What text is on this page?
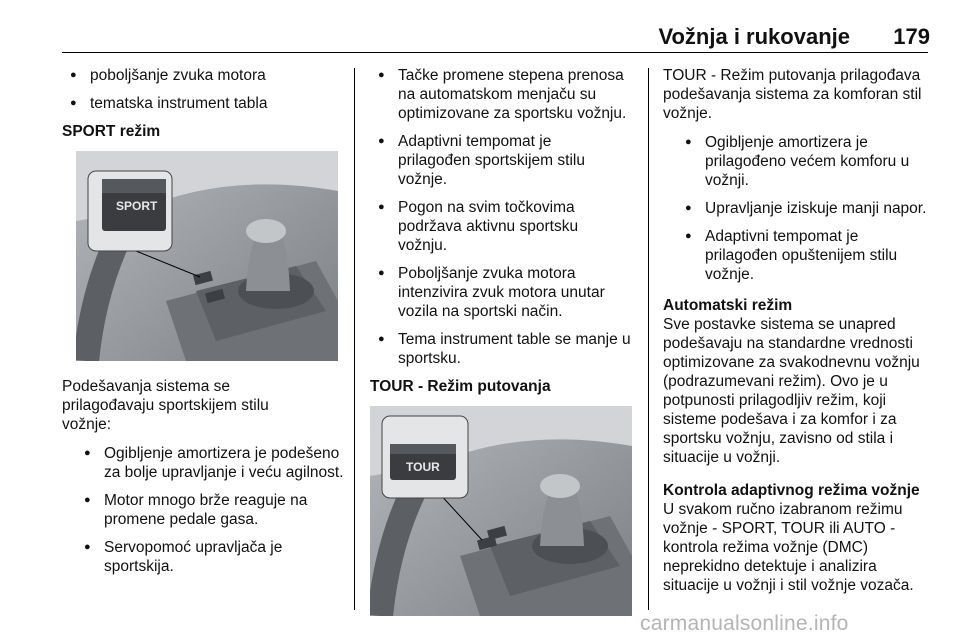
Vožnja i rukovanje	179
● poboljšanje zvuka motora
● tematska instrument tabla

SPORT režim

SPORT

Podešavanja sistema se prilagođavaju sportskijem stilu vožnje:

● Ogibljenje amortizera je podešeno za bolje upravljanje i veću agilnost.
● Motor mnogo brže reaguje na promene pedale gasa.
● Servopomoć upravljača je sportskija.
● Tačke promene stepena prenosa na automatskom menjaču su optimizovane za sportsku vožnju.
● Adaptivni tempomat je prilagođen sportskijem stilu vožnje.
● Pogon na svim točkovima podržava aktivnu sportsku vožnju.
● Poboljšanje zvuka motora intenzivira zvuk motora unutar vozila na sportski način.
● Tema instrument table se manje u sportsku.

TOUR - Režim putovanja

TOUR

TOUR - Režim putovanja prilagođava podešavanja sistema za komforan stil vožnje.

● Ogibljenje amortizera je prilagođeno većem komforu u vožnji.
● Upravljanje iziskuje manji napor.
● Adaptivni tempomat je prilagođen opuštenijem stilu vožnje.

Automatski režim

Sve postavke sistema se unapred podešavaju na standardne vrednosti optimizovane za svakodnevnu vožnju (podrazumevani režim). Ovo je u potpunosti prilagodljiv režim, koji sisteme podešava i za komfor i za sportsku vožnju, zavisno od stila i situacije u vožnji.

Kontrola adaptivnog režima vožnje

U svakom ručno izabranom režimu vožnje - SPORT, TOUR ili AUTO - kontrola režima vožnje (DMC) neprekidno detektuje i analizira situacije u vožnji i stil vožnje vozača.

carmanualsonline.info
